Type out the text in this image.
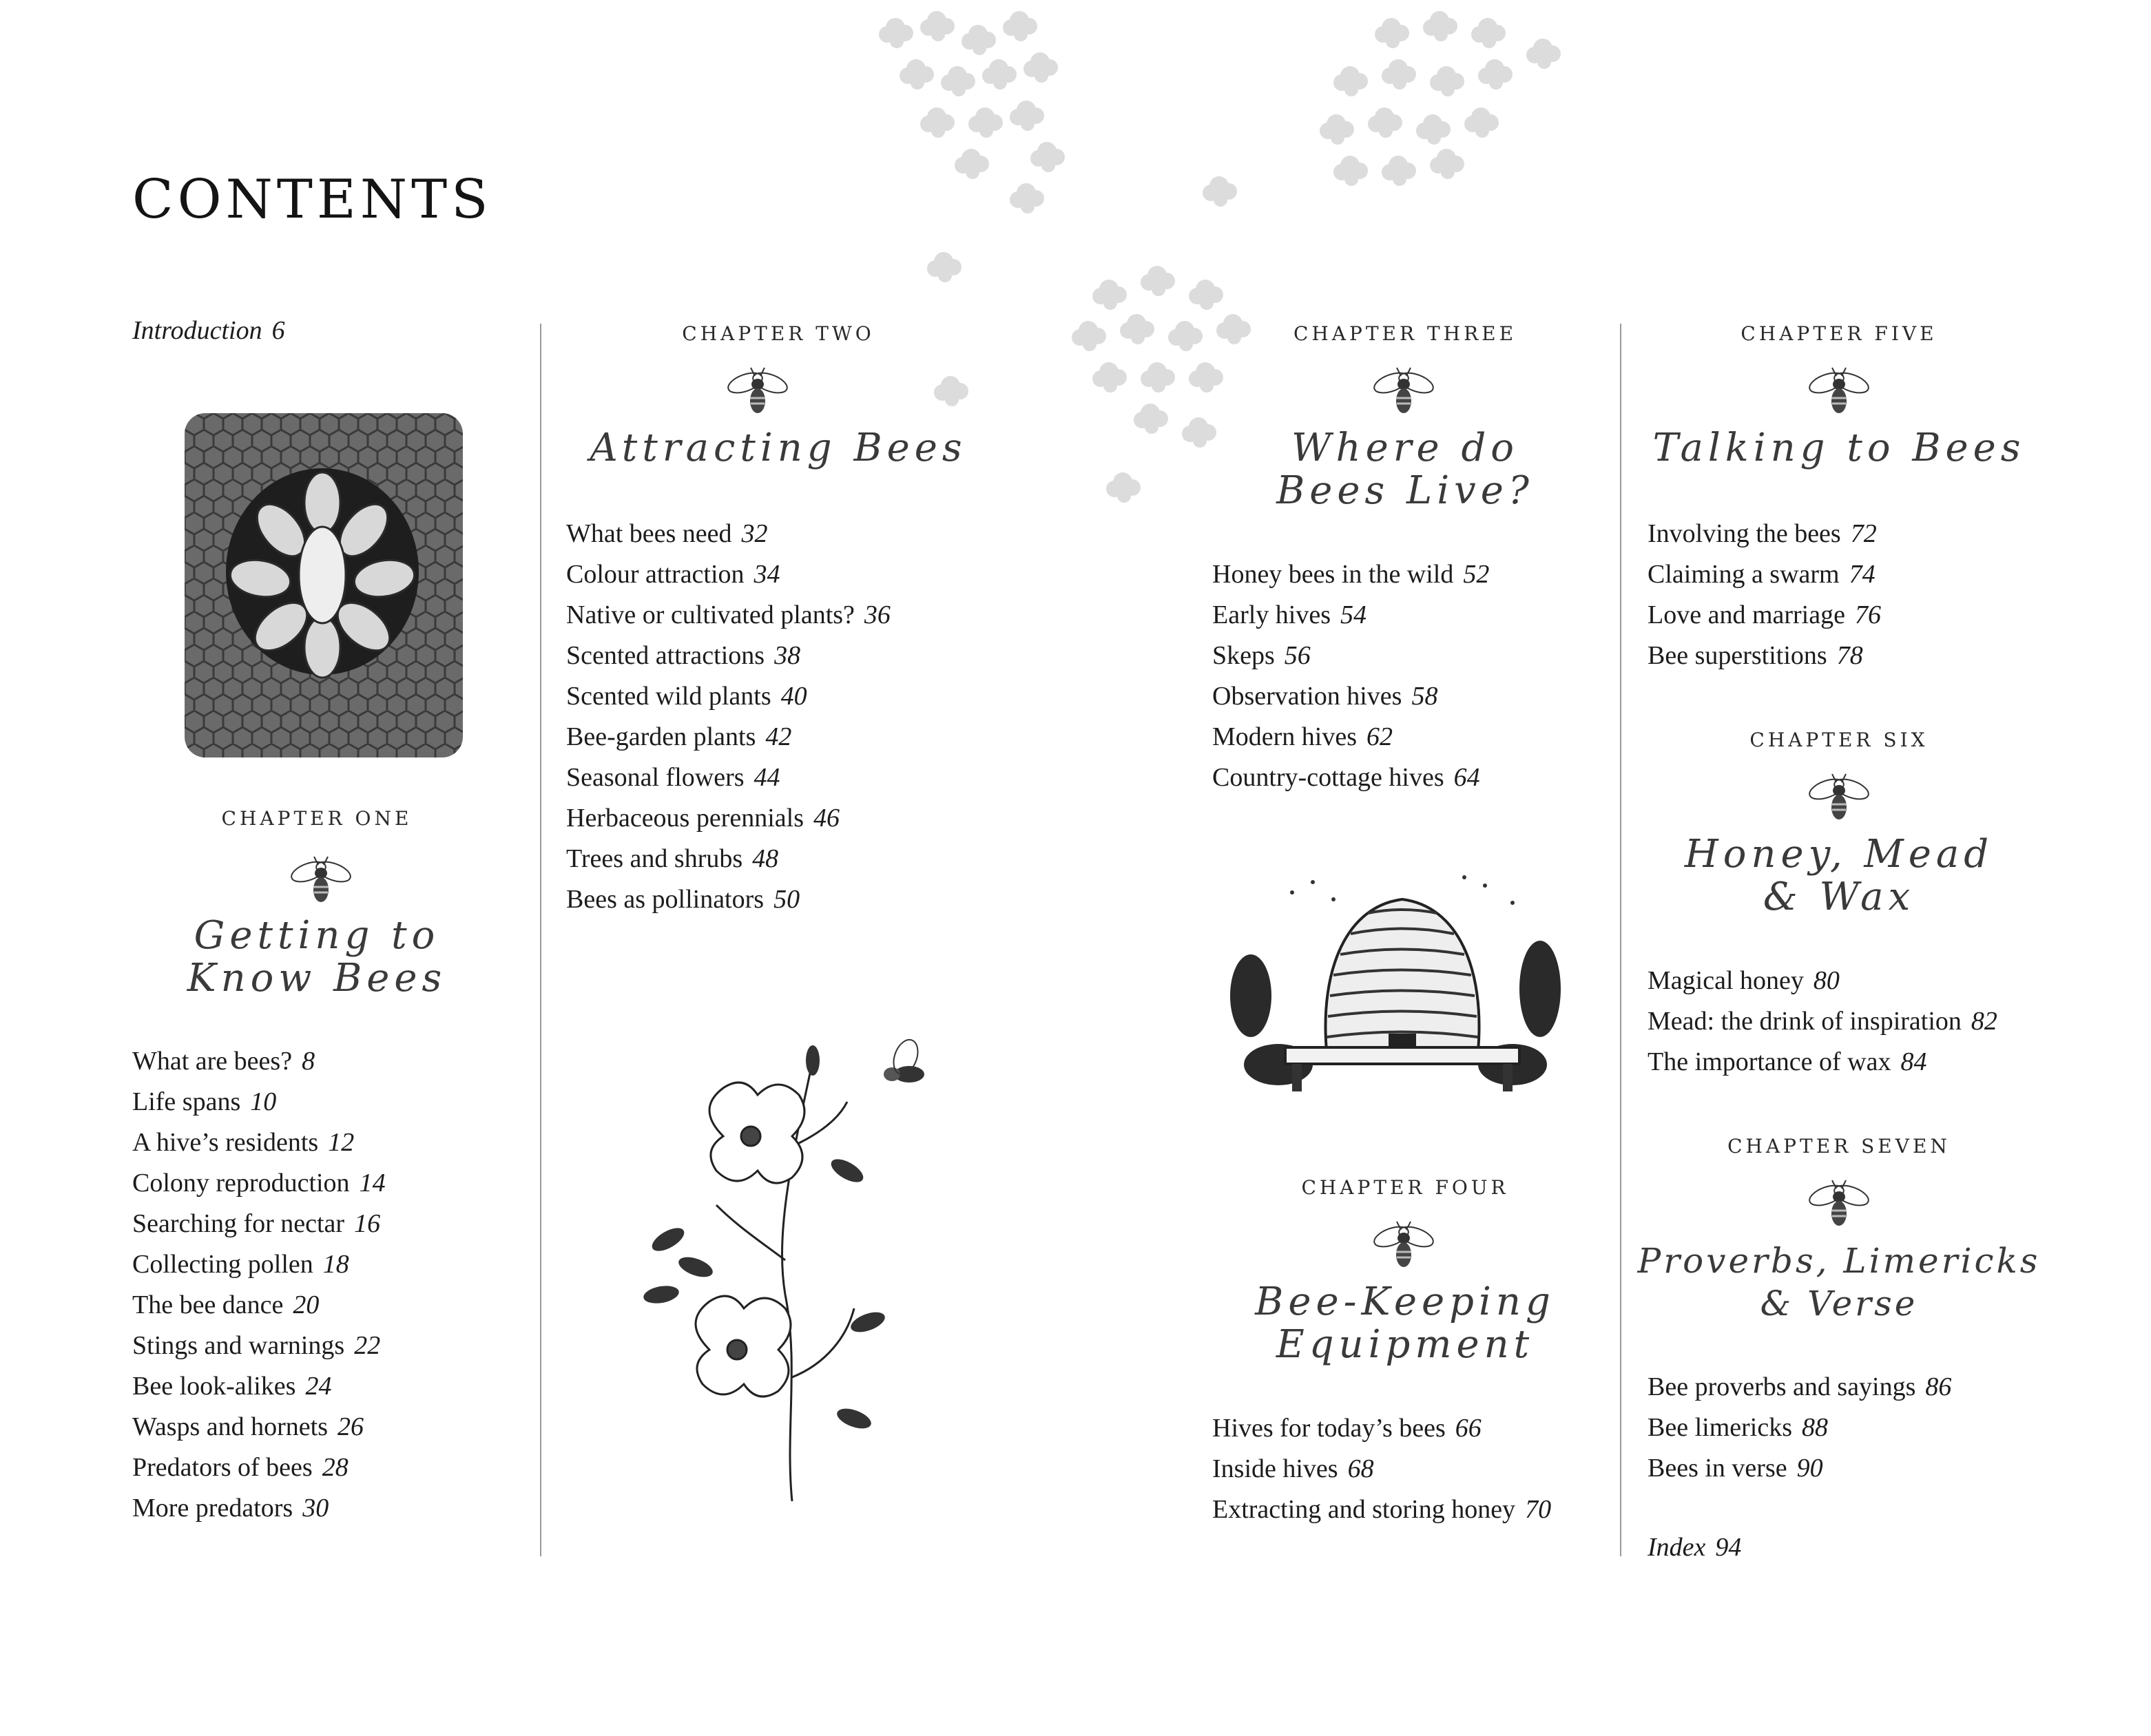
CONTENTS
Introduction 6
CHAPTER ONE
Getting to
Know Bees
What are bees? 8
Life spans 10
A hive’s residents 12
Colony reproduction 14
Searching for nectar 16
Collecting pollen 18
The bee dance 20
Stings and warnings 22
Bee look-alikes 24
Wasps and hornets 26
Predators of bees 28
More predators 30
CHAPTER TWO
Attracting Bees
What bees need 32
Colour attraction 34
Native or cultivated plants? 36
Scented attractions 38
Scented wild plants 40
Bee-garden plants 42
Seasonal flowers 44
Herbaceous perennials 46
Trees and shrubs 48
Bees as pollinators 50
CHAPTER THREE
Where do
Bees Live?
Honey bees in the wild 52
Early hives 54
Skeps 56
Observation hives 58
Modern hives 62
Country-cottage hives 64
CHAPTER FOUR
Bee-Keeping
Equipment
Hives for today’s bees 66
Inside hives 68
Extracting and storing honey 70
CHAPTER FIVE
Talking to Bees
Involving the bees 72
Claiming a swarm 74
Love and marriage 76
Bee superstitions 78
CHAPTER SIX
Honey, Mead
& Wax
Magical honey 80
Mead: the drink of inspiration 82
The importance of wax 84
CHAPTER SEVEN
Proverbs, Limericks
& Verse
Bee proverbs and sayings 86
Bee limericks 88
Bees in verse 90
Index 94
